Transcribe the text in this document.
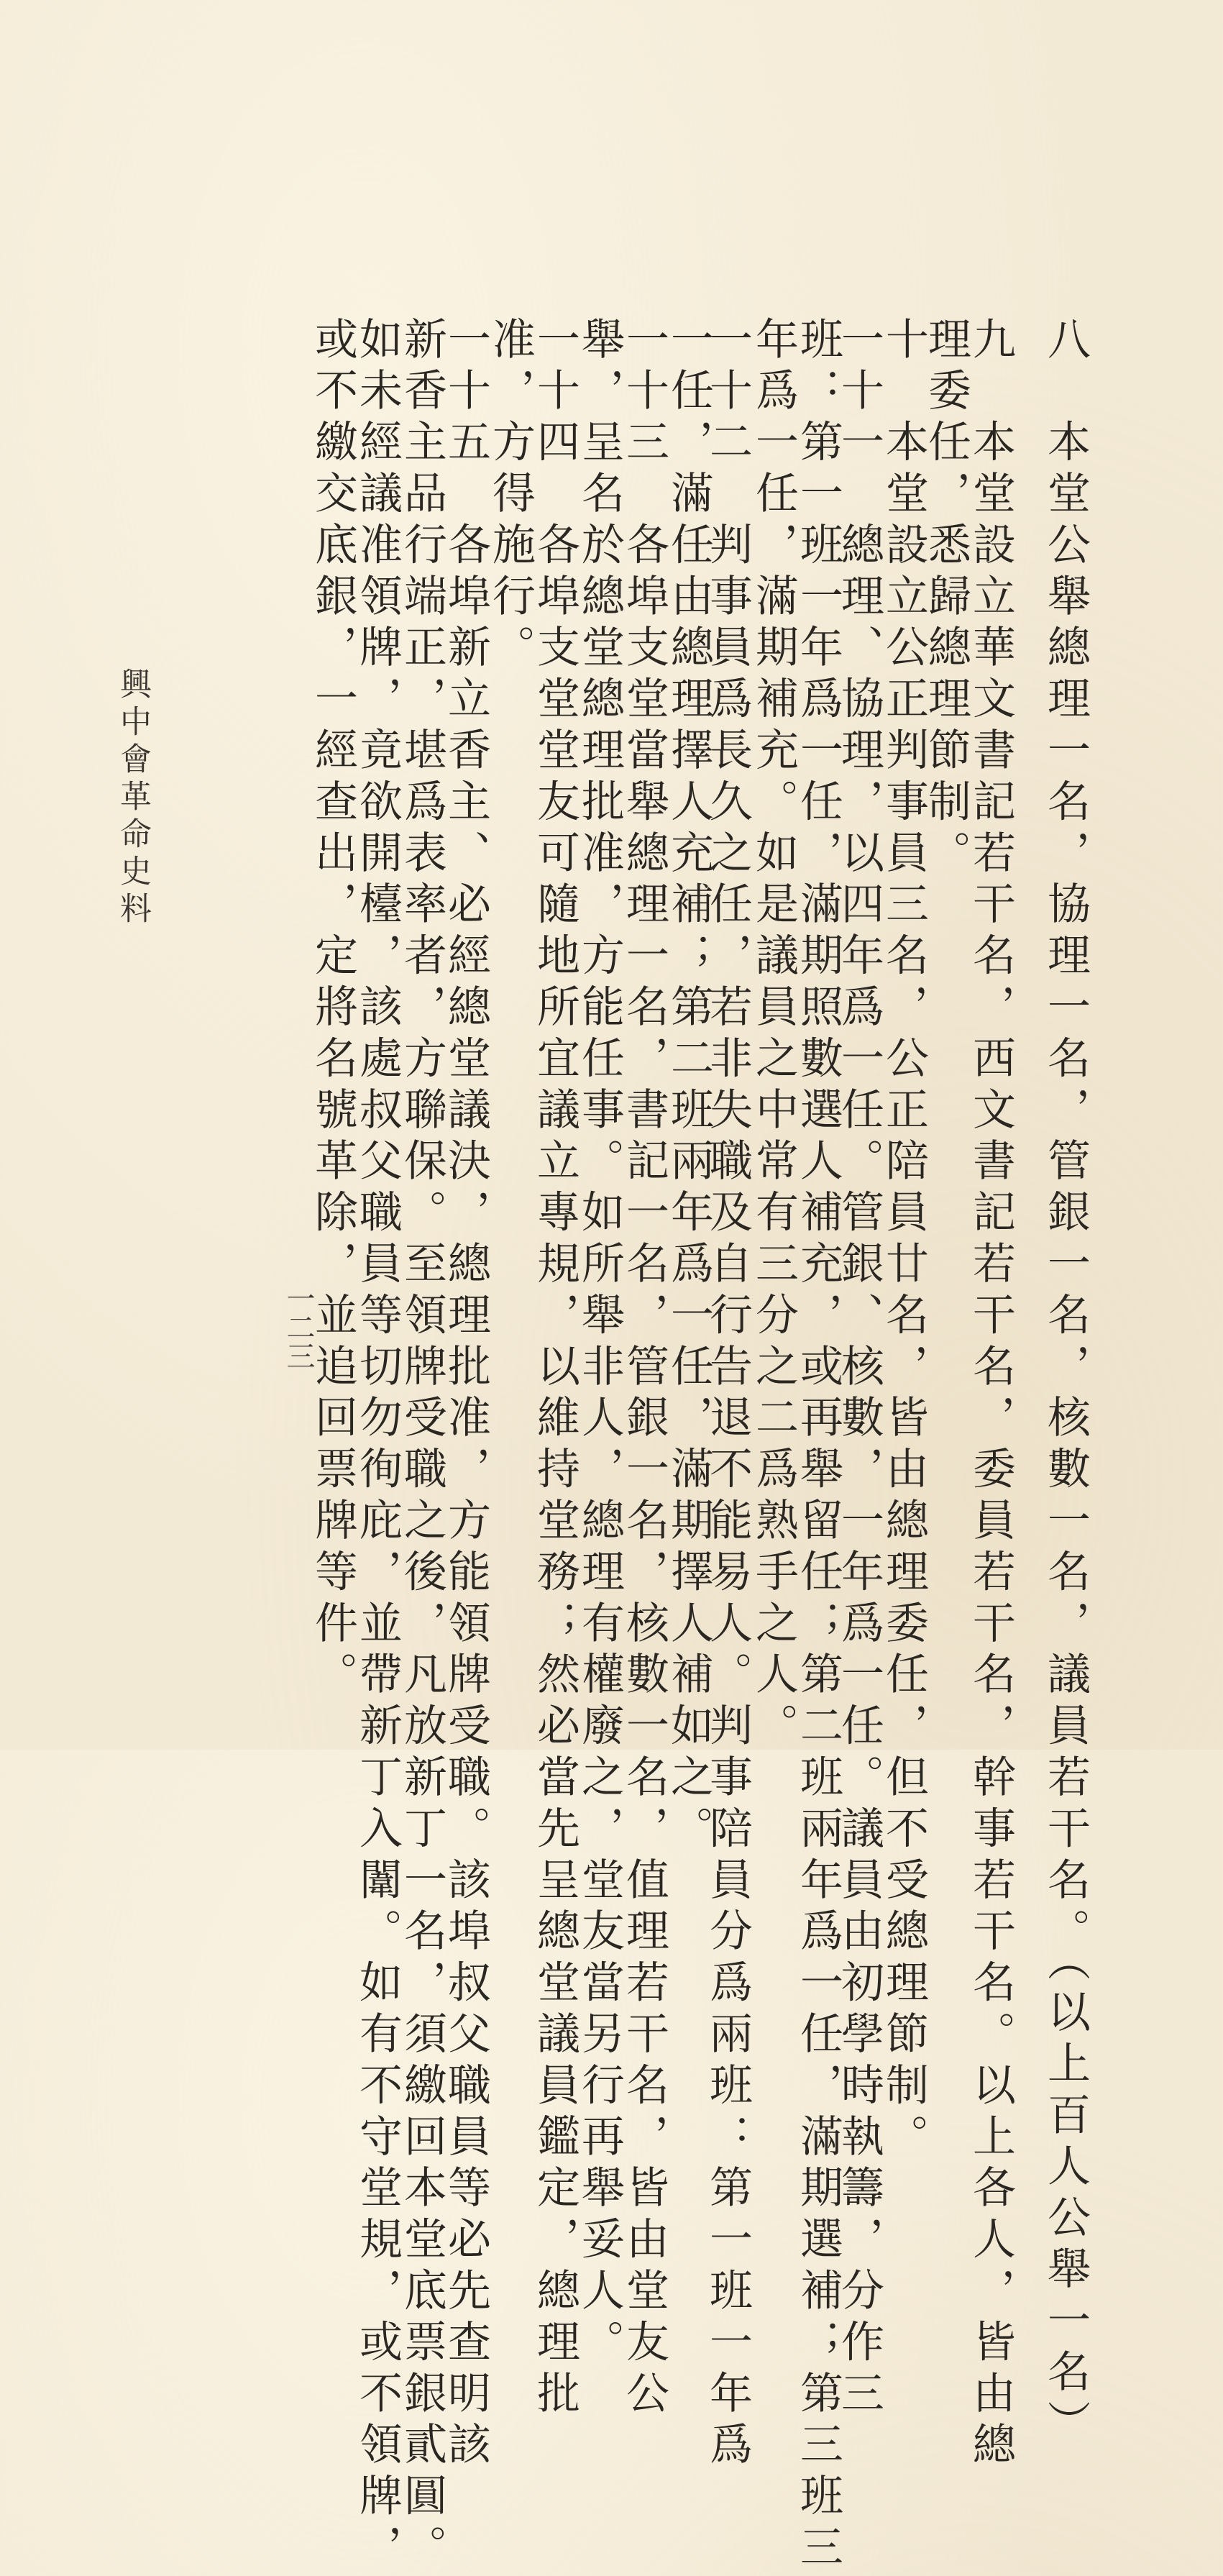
八　本堂公舉總理一名，協理一名，管銀一名，核數一名，議員若干名。（以上百人公舉一名）
九　本堂設立華文書記若干名，西文書記若干名，委員若干名，幹事若干名。以上各人，皆由總
理委任，悉歸總理節制。
十　本堂設立公正判事員三名，公正陪員廿名，皆由總理委任，但不受總理節制。
一十一　總理、協理，以四年爲一任。管銀、核數，一年爲一任。議員由初學時執籌，分作三
班：第一班一年爲一任，滿期照數選人補充，或再舉留任；第二班兩年爲一任，滿期選補；第三班三
年爲一任，滿期補充。如是議員之中常有三分之二爲熟手之人。
一十二　判事員爲長久之任，若非失職及自行告退不能易人。判事陪員分爲兩班：第一班一年爲
一任，滿任由總理擇人充補；第二班兩年爲一任，滿期擇人補如之。
一十三　各埠支堂當舉總理一名，書記一名，管銀一名，核數一名，值理若干名，皆由堂友公
舉，呈名於總堂總理批准，方能任事。如所舉非人，總理有權廢之，堂友當另行再舉妥人。
一十四　各埠支堂堂友可隨地所宜議立專規，以維持堂務；然必當先呈總堂議員鑑定，總理批
准，方得施行。
一十五　各埠新立香主、必經總堂議決，總理批准，方能領牌受職。該埠叔父職員等必先查明該
新香主品行端正，堪爲表率者，方聯保。至領牌受職之後，凡放新丁一名，須繳回本堂底票銀貳圓。
如未經議准領牌，竟欲開檯，該處叔父職員等切勿徇庇，並帶新丁入闈。如有不守堂規，或不領牌，
或不繳交底銀，一經查出，定將名號革除，並追回票牌等件。
興中會革命史料
一二三
